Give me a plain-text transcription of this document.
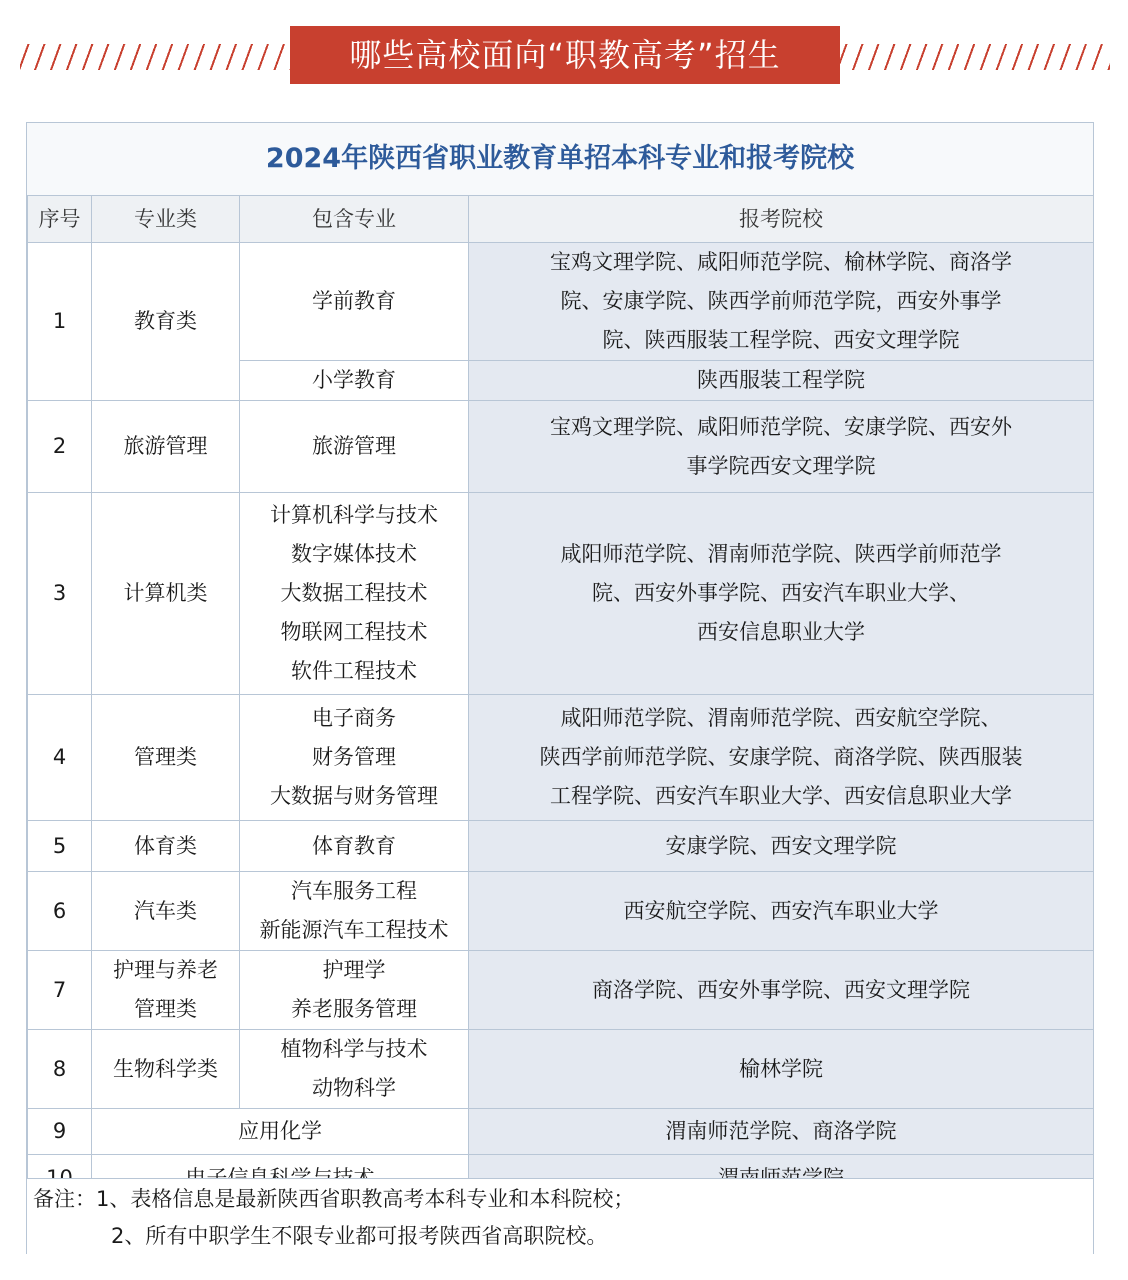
哪些高校面向“职教高考”招生
2024年陕西省职业教育单招本科专业和报考院校
序号	专业类	包含专业	报考院校
1	教育类	学前教育	宝鸡文理学院、咸阳师范学院、榆林学院、商洛学
院、安康学院、陕西学前师范学院，西安外事学
院、陕西服装工程学院、西安文理学院

		小学教育	陕西服装工程学院

2	旅游管理	旅游管理	宝鸡文理学院、咸阳师范学院、安康学院、西安外
事学院西安文理学院

3	计算机类	计算机科学与技术
数字媒体技术
大数据工程技术
物联网工程技术
软件工程技术	咸阳师范学院、渭南师范学院、陕西学前师范学
院、西安外事学院、西安汽车职业大学、
西安信息职业大学

4	管理类	电子商务
财务管理
大数据与财务管理	咸阳师范学院、渭南师范学院、西安航空学院、
陕西学前师范学院、安康学院、商洛学院、陕西服装
工程学院、西安汽车职业大学、西安信息职业大学

5	体育类	体育教育	安康学院、西安文理学院

6	汽车类	汽车服务工程
新能源汽车工程技术	西安航空学院、西安汽车职业大学

7	护理与养老
管理类	护理学
养老服务管理	商洛学院、西安外事学院、西安文理学院

8	生物科学类	植物科学与技术
动物科学	榆林学院

9	应用化学		渭南师范学院、商洛学院

备注：1、表格信息是最新陕西省职教高考本科专业和本科院校；
2、所有中职学生不限专业都可报考陕西省高职院校。
